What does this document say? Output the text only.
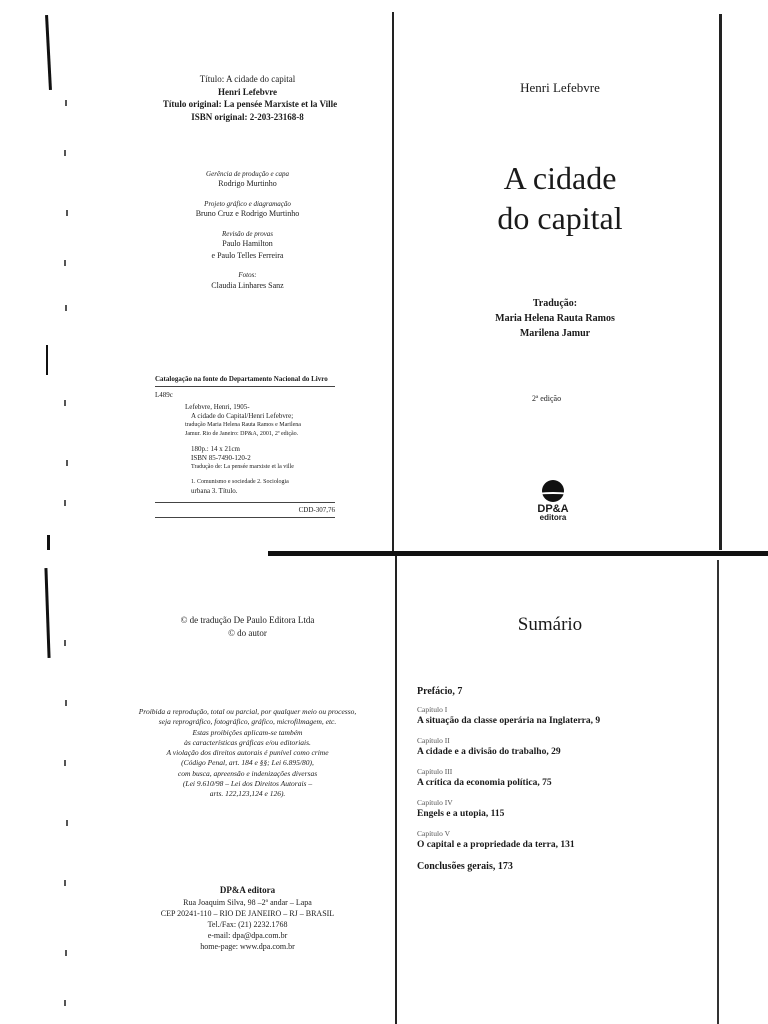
Título: A cidade do capital
Henri Lefebvre
Título original: La pensée Marxiste et la Ville
ISBN original: 2-203-23168-8
Gerência de produção e capa
Rodrigo Murtinho
Projeto gráfico e diagramação
Bruno Cruz e Rodrigo Murtinho
Revisão de provas
Paulo Hamilton
e Paulo Telles Ferreira
Fotos:
Claudia Linhares Sanz
Catalogação na fonte do Departamento Nacional do Livro
L489c
Lefebvre, Henri, 1905-
A cidade do Capital/Henri Lefebvre;
tradução Maria Helena Rauta Ramos e Marilena
Jamur. Rio de Janeiro: DP&A, 2001, 2ª edição.
180p.: 14 x 21cm
ISBN 85-7490-120-2
Tradução de: La pensée marxiste et la ville
1. Comunismo e sociedade 2. Sociologia
urbana 3. Título.
CDD-307,76
Henri Lefebvre
A cidade
do capital
Tradução:
Maria Helena Rauta Ramos
Marilena Jamur
2ª edição
DP&A
editora
© de tradução De Paulo Editora Ltda
© do autor
Proibida a reprodução, total ou parcial, por qualquer meio ou processo,
seja reprográfico, fotográfico, gráfico, microfilmagem, etc.
Estas proibições aplicam-se também
às características gráficas e/ou editoriais.
A violação dos direitos autorais é punível como crime
(Código Penal, art. 184 e §§; Lei 6.895/80),
com busca, apreensão e indenizações diversas
(Lei 9.610/98 – Lei dos Direitos Autorais –
arts. 122,123,124 e 126).
DP&A editora
Rua Joaquim Silva, 98 –2º andar – Lapa
CEP 20241-110 – RIO DE JANEIRO – RJ – BRASIL
Tel./Fax: (21) 2232.1768
e-mail: dpa@dpa.com.br
home-page: www.dpa.com.br
Sumário
Prefácio, 7
Capítulo I
A situação da classe operária na Inglaterra, 9
Capítulo II
A cidade e a divisão do trabalho, 29
Capítulo III
A crítica da economia política, 75
Capítulo IV
Engels e a utopia, 115
Capítulo V
O capital e a propriedade da terra, 131
Conclusões gerais, 173
